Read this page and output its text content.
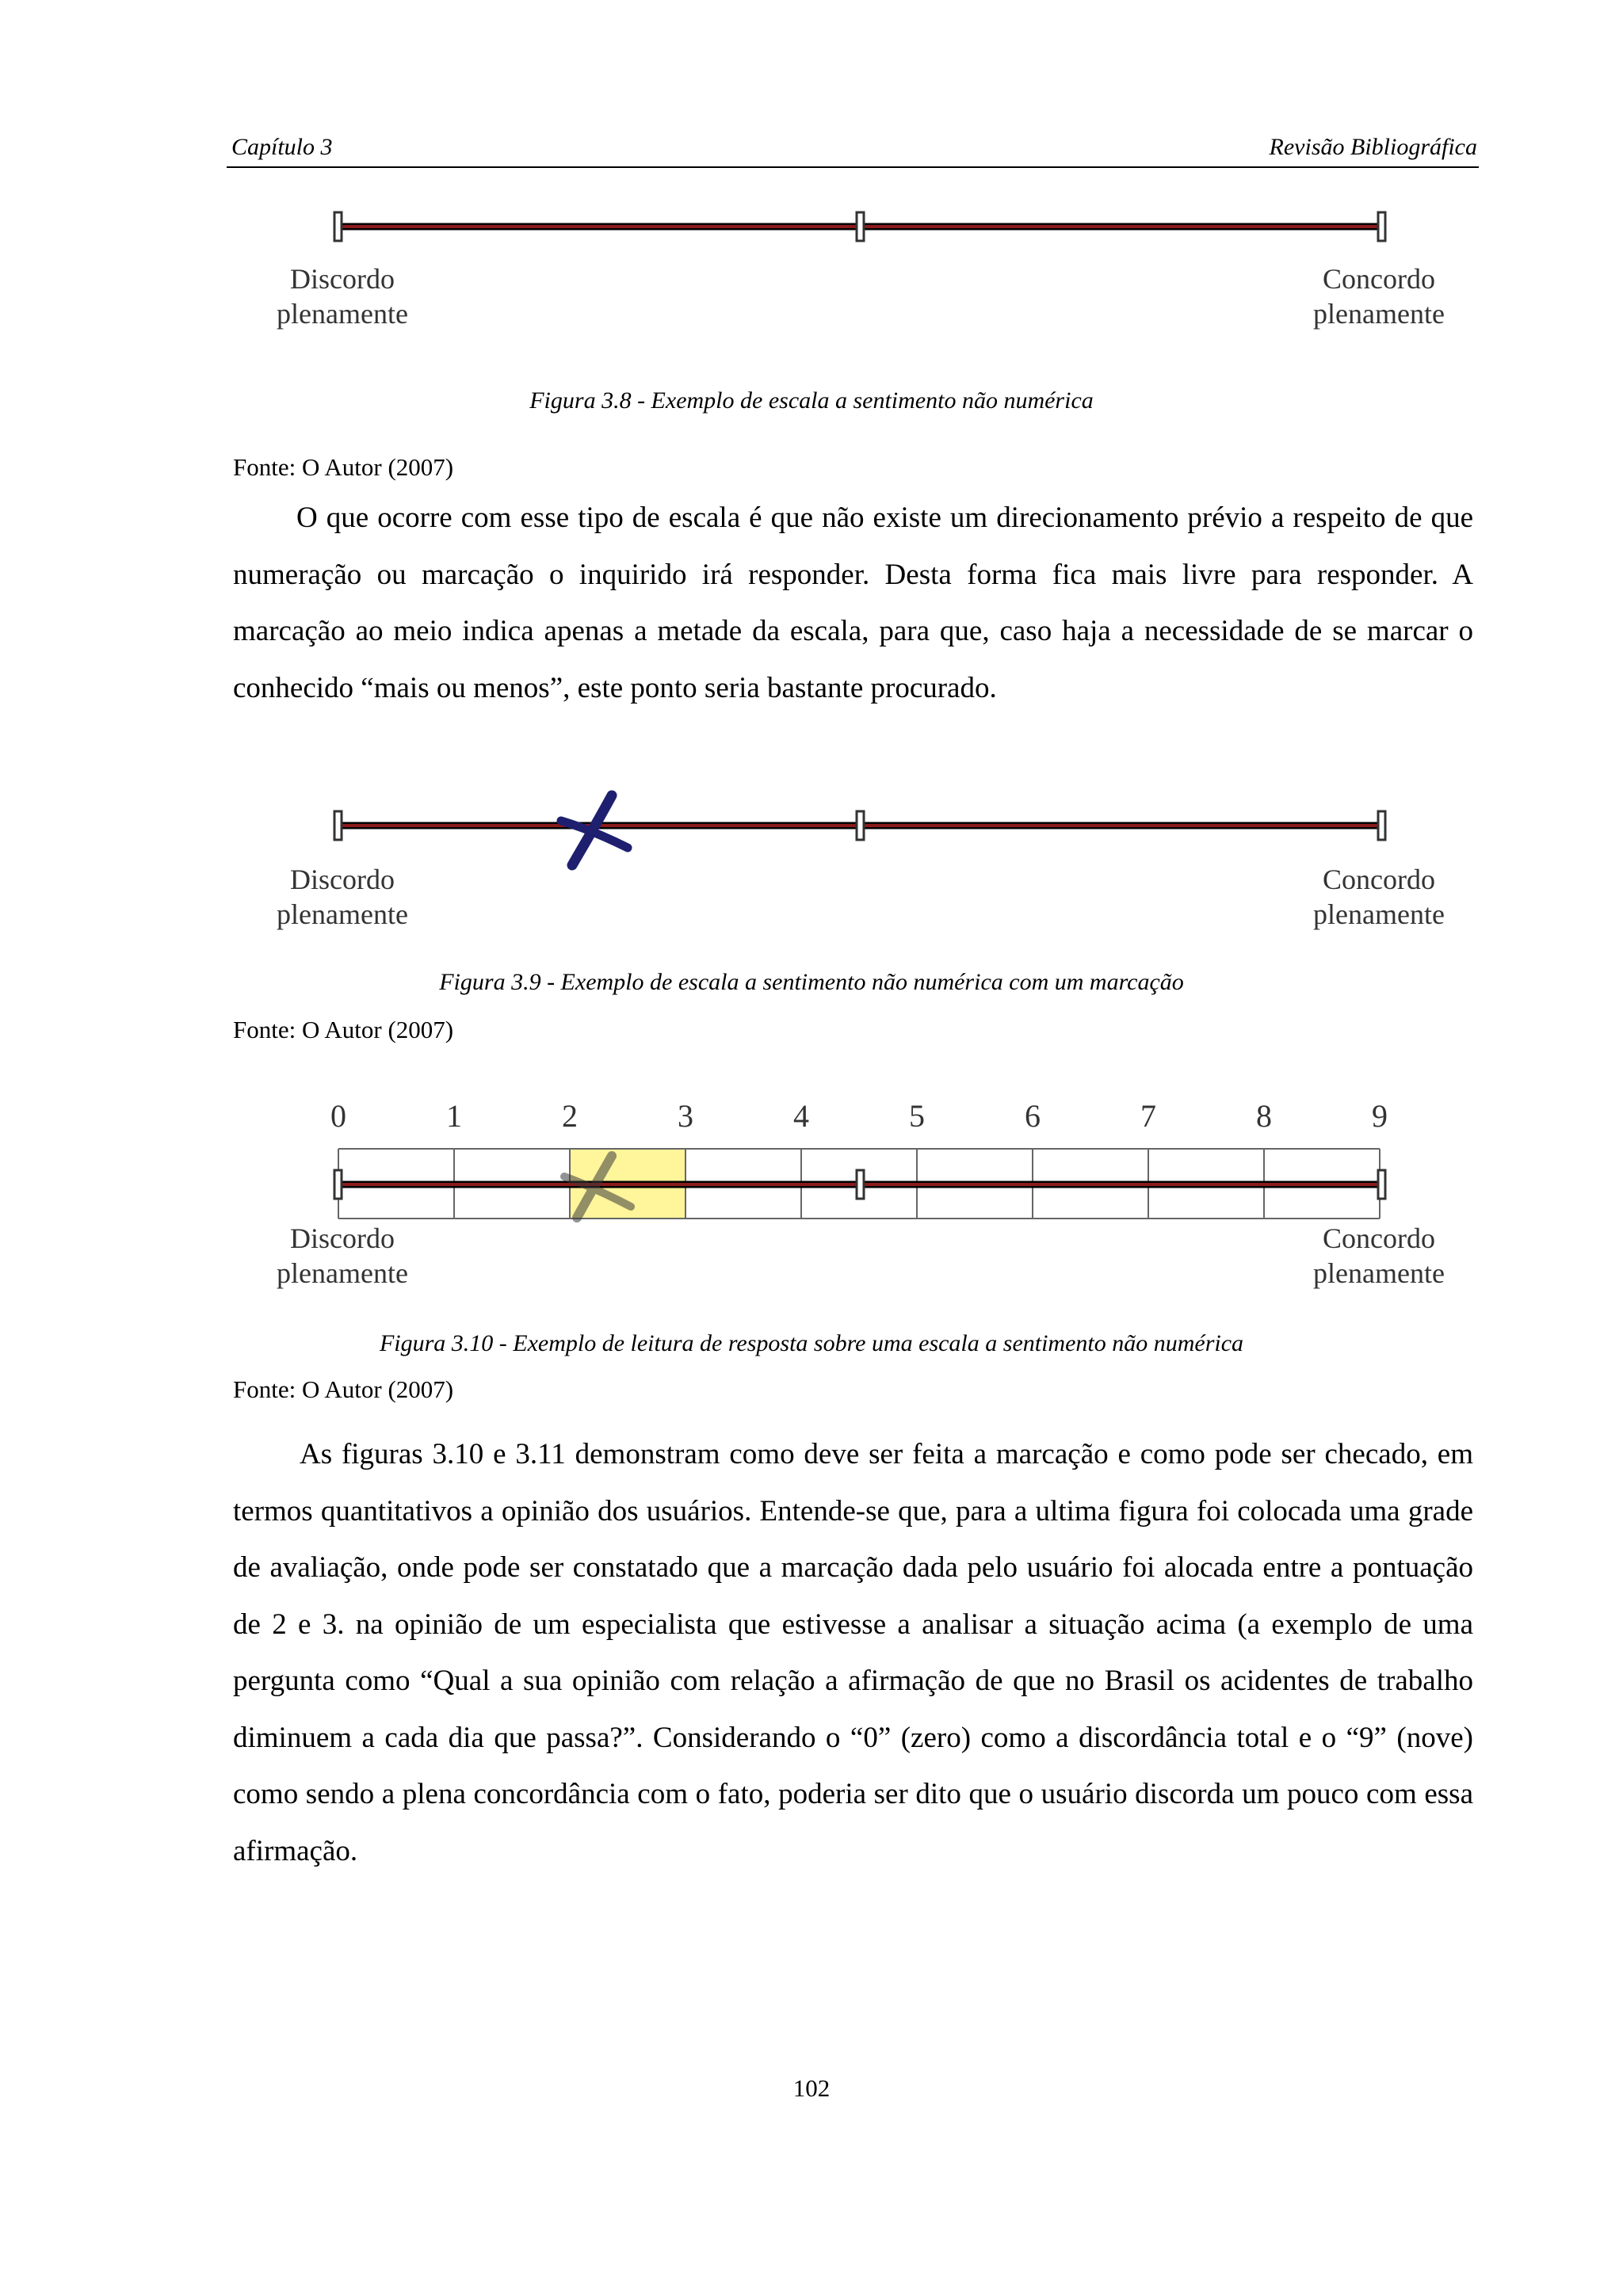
Capítulo 3	Revisão Bibliográfica
Discordo
plenamente
Concordo
plenamente
Figura 3.8 - Exemplo de escala a sentimento não numérica
Fonte: O Autor (2007)

O que ocorre com esse tipo de escala é que não existe um direcionamento prévio a respeito de que numeração ou marcação o inquirido irá responder. Desta forma fica mais livre para responder. A marcação ao meio indica apenas a metade da escala, para que, caso haja a necessidade de se marcar o conhecido “mais ou menos”, este ponto seria bastante procurado.

Discordo
plenamente
Concordo
plenamente
Figura 3.9 - Exemplo de escala a sentimento não numérica com um marcação
Fonte: O Autor (2007)
0	1	2	3	4	5	6	7	8	9
Discordo
plenamente
Concordo
plenamente
Figura 3.10 - Exemplo de leitura de resposta sobre uma escala a sentimento não numérica
Fonte: O Autor (2007)

As figuras 3.10 e 3.11 demonstram como deve ser feita a marcação e como pode ser checado, em termos quantitativos a opinião dos usuários. Entende-se que, para a ultima figura foi colocada uma grade de avaliação, onde pode ser constatado que a marcação dada pelo usuário foi alocada entre a pontuação de 2 e 3. na opinião de um especialista que estivesse a analisar a situação acima (a exemplo de uma pergunta como “Qual a sua opinião com relação a afirmação de que no Brasil os acidentes de trabalho diminuem a cada dia que passa?”. Considerando o “0” (zero) como a discordância total e o “9” (nove) como sendo a plena concordância com o fato, poderia ser dito que o usuário discorda um pouco com essa afirmação.

102
